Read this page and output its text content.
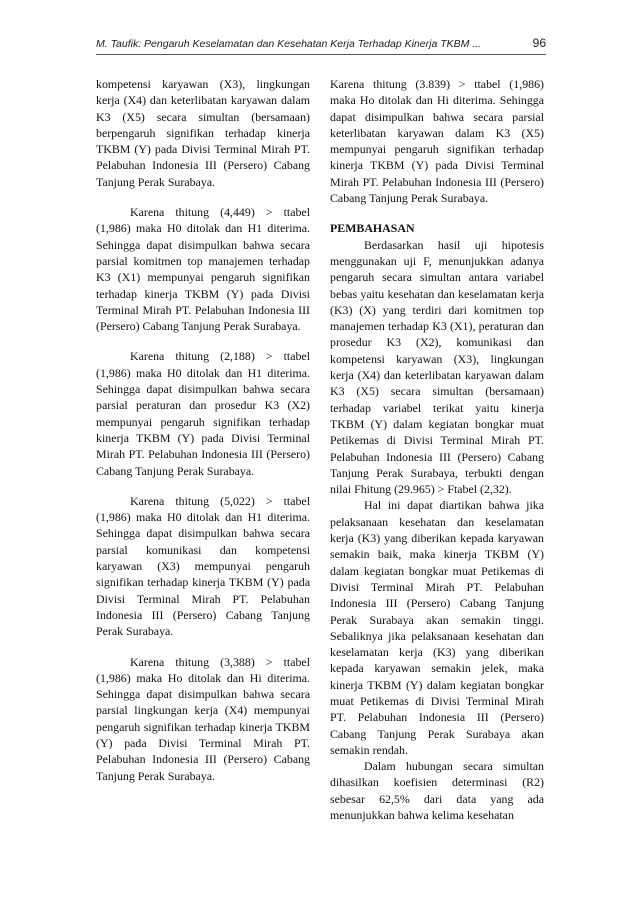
M. Taufik: Pengaruh Keselamatan dan Kesehatan Kerja Terhadap Kinerja TKBM ...	96

kompetensi karyawan (X3), lingkungan kerja (X4) dan keterlibatan karyawan dalam K3 (X5) secara simultan (bersamaan) berpengaruh signifikan terhadap kinerja TKBM (Y) pada Divisi Terminal Mirah PT. Pelabuhan Indonesia III (Persero) Cabang Tanjung Perak Surabaya.

Karena thitung (4,449) > ttabel (1,986) maka H0 ditolak dan H1 diterima. Sehingga dapat disimpulkan bahwa secara parsial komitmen top manajemen terhadap K3 (X1) mempunyai pengaruh signifikan terhadap kinerja TKBM (Y) pada Divisi Terminal Mirah PT. Pelabuhan Indonesia III (Persero) Cabang Tanjung Perak Surabaya.

Karena thitung (2,188) > ttabel (1,986) maka H0 ditolak dan H1 diterima. Sehingga dapat disimpulkan bahwa secara parsial peraturan dan prosedur K3 (X2) mempunyai pengaruh signifikan terhadap kinerja TKBM (Y) pada Divisi Terminal Mirah PT. Pelabuhan Indonesia III (Persero) Cabang Tanjung Perak Surabaya.

Karena thitung (5,022) > ttabel (1,986) maka H0 ditolak dan H1 diterima. Sehingga dapat disimpulkan bahwa secara parsial komunikasi dan kompetensi karyawan (X3) mempunyai pengaruh signifikan terhadap kinerja TKBM (Y) pada Divisi Terminal Mirah PT. Pelabuhan Indonesia III (Persero) Cabang Tanjung Perak Surabaya.

Karena thitung (3,388) > ttabel (1,986) maka Ho ditolak dan Hi diterima. Sehingga dapat disimpulkan bahwa secara parsial lingkungan kerja (X4) mempunyai pengaruh signifikan terhadap kinerja TKBM (Y) pada Divisi Terminal Mirah PT. Pelabuhan Indonesia III (Persero) Cabang Tanjung Perak Surabaya.

Karena thitung (3.839) > ttabel (1,986) maka Ho ditolak dan Hi diterima. Sehingga dapat disimpulkan bahwa secara parsial keterlibatan karyawan dalam K3 (X5) mempunyai pengaruh signifikan terhadap kinerja TKBM (Y) pada Divisi Terminal Mirah PT. Pelabuhan Indonesia III (Persero) Cabang Tanjung Perak Surabaya.

PEMBAHASAN

Berdasarkan hasil uji hipotesis menggunakan uji F, menunjukkan adanya pengaruh secara simultan antara variabel bebas yaitu kesehatan dan keselamatan kerja (K3) (X) yang terdiri dari komitmen top manajemen terhadap K3 (X1), peraturan dan prosedur K3 (X2), komunikasi dan kompetensi karyawan (X3), lingkungan kerja (X4) dan keterlibatan karyawan dalam K3 (X5) secara simultan (bersamaan) terhadap variabel terikat yaitu kinerja TKBM (Y) dalam kegiatan bongkar muat Petikemas di Divisi Terminal Mirah PT. Pelabuhan Indonesia III (Persero) Cabang Tanjung Perak Surabaya, terbukti dengan nilai Fhitung (29.965) > Ftabel (2,32).

Hal ini dapat diartikan bahwa jika pelaksanaan kesehatan dan keselamatan kerja (K3) yang diberikan kepada karyawan semakin baik, maka kinerja TKBM (Y) dalam kegiatan bongkar muat Petikemas di Divisi Terminal Mirah PT. Pelabuhan Indonesia III (Persero) Cabang Tanjung Perak Surabaya akan semakin tinggi. Sebaliknya jika pelaksanaan kesehatan dan keselamatan kerja (K3) yang diberikan kepada karyawan semakin jelek, maka kinerja TKBM (Y) dalam kegiatan bongkar muat Petikemas di Divisi Terminal Mirah PT. Pelabuhan Indonesia III (Persero) Cabang Tanjung Perak Surabaya akan semakin rendah.

Dalam hubungan secara simultan dihasilkan koefisien determinasi (R2) sebesar 62,5% dari data yang ada menunjukkan bahwa kelima kesehatan
